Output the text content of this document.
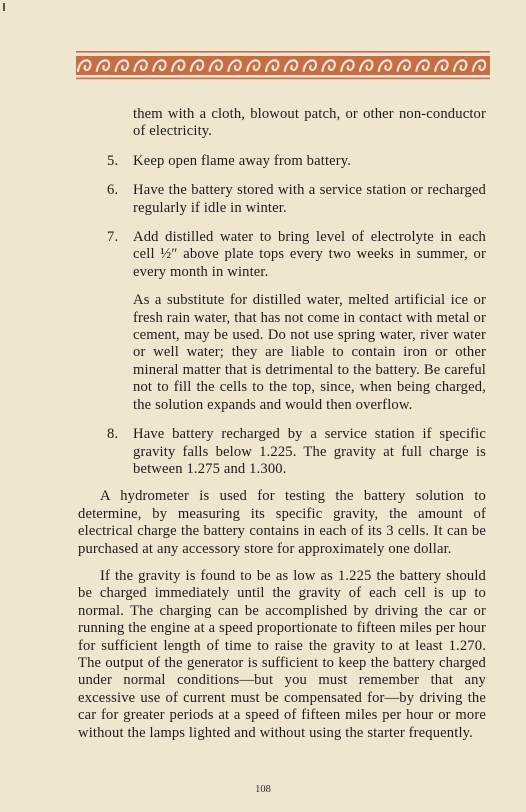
them with a cloth, blowout patch, or other non-conductor of electricity.
5.	Keep open flame away from battery.
6.	Have the battery stored with a service station or recharged regularly if idle in winter.
7.	Add distilled water to bring level of electrolyte in each cell ½″ above plate tops every two weeks in summer, or every month in winter.
As a substitute for distilled water, melted artificial ice or fresh rain water, that has not come in contact with metal or cement, may be used. Do not use spring water, river water or well water; they are liable to contain iron or other mineral matter that is detrimental to the battery. Be careful not to fill the cells to the top, since, when being charged, the solution expands and would then overflow.
8.	Have battery recharged by a service station if specific gravity falls below 1.225. The gravity at full charge is between 1.275 and 1.300.
A hydrometer is used for testing the battery solution to determine, by measuring its specific gravity, the amount of electrical charge the battery contains in each of its 3 cells. It can be purchased at any accessory store for approximately one dollar.
If the gravity is found to be as low as 1.225 the battery should be charged immediately until the gravity of each cell is up to normal. The charging can be accomplished by driving the car or running the engine at a speed proportionate to fifteen miles per hour for sufficient length of time to raise the gravity to at least 1.270. The output of the generator is sufficient to keep the battery charged under normal conditions—but you must remember that any excessive use of current must be compensated for—by driving the car for greater periods at a speed of fifteen miles per hour or more without the lamps lighted and without using the starter frequently.
108
